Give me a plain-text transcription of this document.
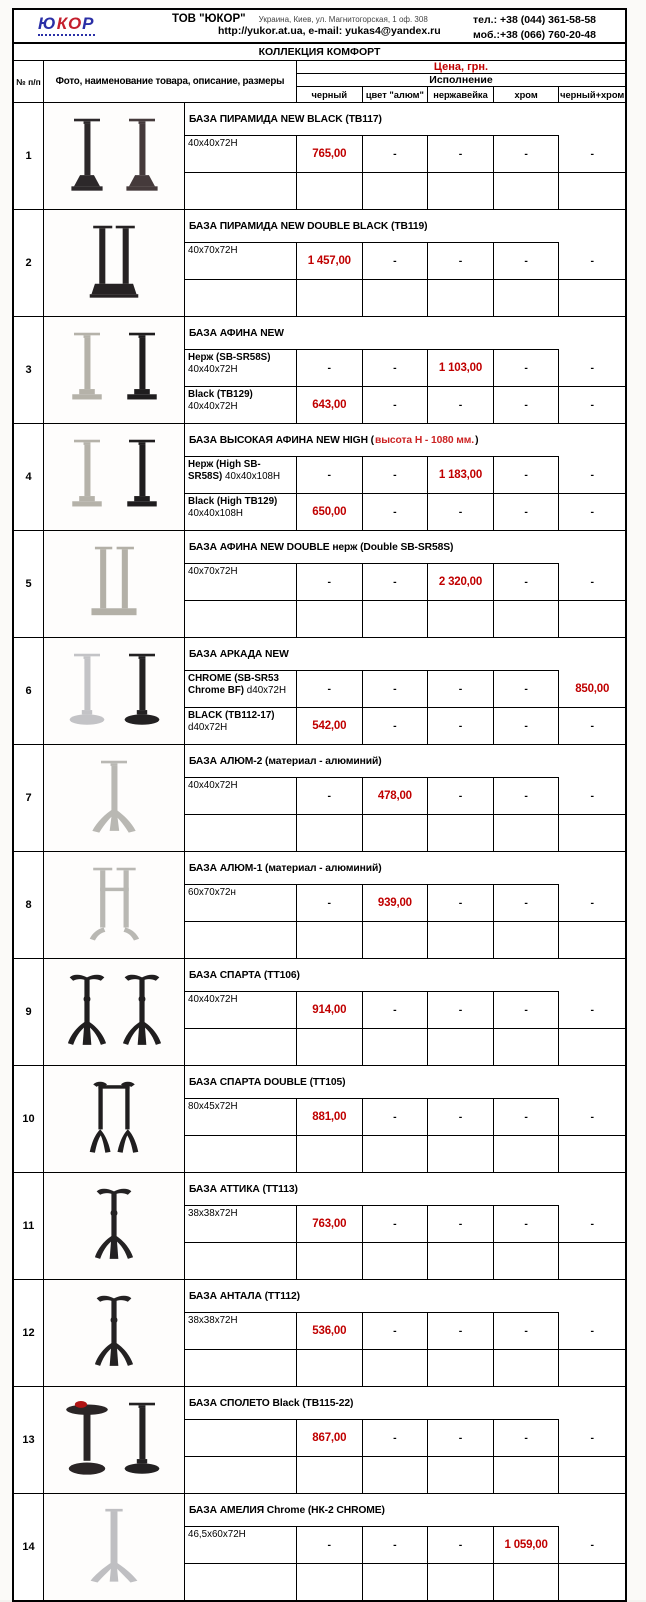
ЮКОР	ТОВ "ЮКОР" Украина, Киев, ул. Магнитогорская, 1 оф. 308
http://yukor.at.ua, e-mail: yukas4@yandex.ru
тел.: +38 (044) 361-58-58
моб.:+38 (066) 760-20-48
КОЛЛЕКЦИЯ КОМФОРТ
№ п/п	Фото, наименование товара, описание, размеры
Цена, грн.
Исполнение
черный	цвет "алюм" нержавейка	хром	черный+хром
1
БАЗА ПИРАМИДА NEW BLACK (ТВ117)
40x40x72Н
765,00	-	-	-	-
2
БАЗА ПИРАМИДА NEW DOUBLE BLACK (ТВ119)
40x70x72Н
1 457,00	-	-	-	-
3
БАЗА АФИНА NEW
Нерж (SB-SR58S) 40x40x72Н	-	-	1 103,00	-	-
Black (ТВ129) 40x40x72Н	643,00	-	-	-	-
4
БАЗА ВЫСОКАЯ АФИНА NEW HIGH ( высота Н - 1080 мм. )
Нерж (High SB-SR58S) 40x40x108Н	-	-	1 183,00	-	-
Black (High ТВ129) 40x40x108Н	650,00	-	-	-	-
5
БАЗА АФИНА NEW DOUBLE нерж (Double SB-SR58S)
40x70x72Н
-	-	2 320,00	-	-
6
БАЗА АРКАДА NEW
CHROME (SB-SR53 Chrome BF) d40x72Н	-	-	-	-	850,00
BLACK (ТВ112-17) d40x72Н	542,00	-	-	-	-
7
БАЗА АЛЮМ-2 (материал - алюминий)
40x40x72Н
-	478,00	-	-	-
8
БАЗА АЛЮМ-1 (материал - алюминий)
60x70x72н
-	939,00	-	-	-
9
БАЗА СПАРТА (ТТ106)
40x40x72Н
914,00	-	-	-	-
10
БАЗА СПАРТА DOUBLE (ТТ105)
80x45x72Н
881,00	-	-	-	-
11
БАЗА АТТИКА (ТТ113)
38x38x72Н
763,00	-	-	-	-
12
БАЗА АНТАЛА (ТТ112)
38x38x72Н
536,00	-	-	-	-
13
БАЗА СПОЛЕТО Black (ТВ115-22)
867,00	-	-	-	-
14
БАЗА АМЕЛИЯ Chrome (НК-2 CHROME)
46,5x60x72Н
-	-	-	1 059,00	-
